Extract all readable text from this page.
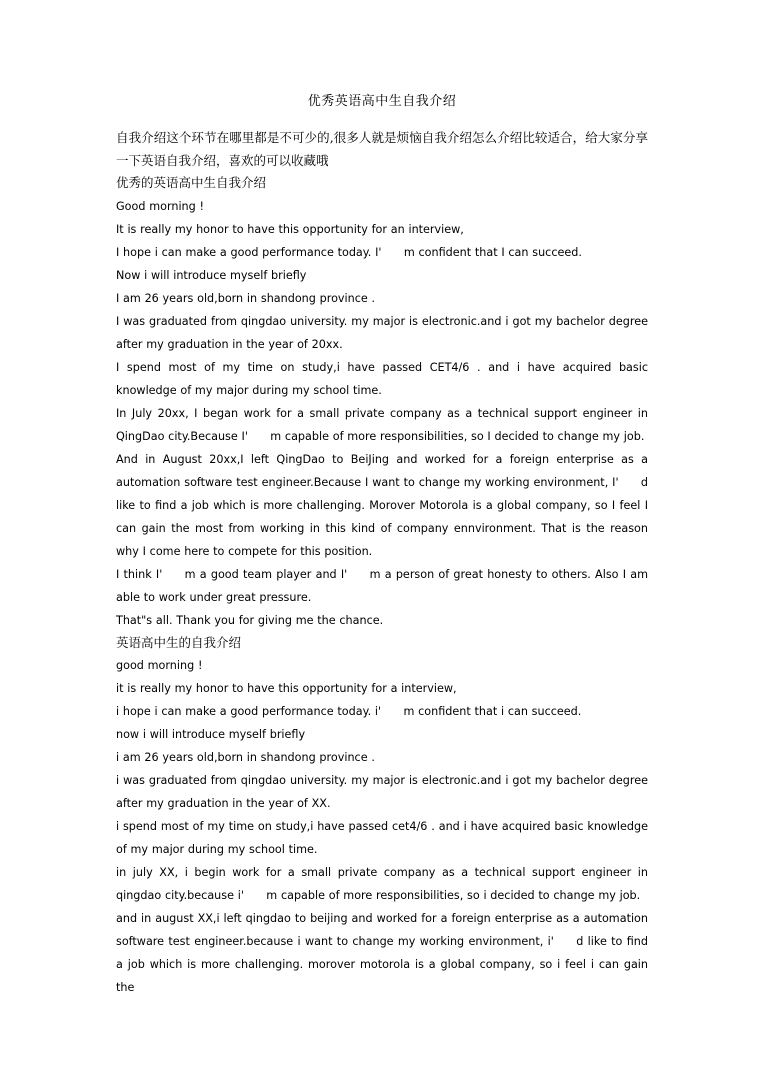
优秀英语高中生自我介绍

自我介绍这个环节在哪里都是不可少的,很多人就是烦恼自我介绍怎么介绍比较适合，给大家分享一下英语自我介绍，喜欢的可以收藏哦

优秀的英语高中生自我介绍

Good morning !

It is really my honor to have this opportunity for an interview,

I hope i can make a good performance today. I'  m confident that I can succeed.

Now i will introduce myself briefly

I am 26 years old,born in shandong province .

I was graduated from qingdao university. my major is electronic.and i got my bachelor degree after my graduation in the year of 20xx.

I spend most of my time on study,i have passed CET4/6 . and i have acquired basic knowledge of my major during my school time.

In July 20xx, I began work for a small private company as a technical support engineer in QingDao city.Because I'  m capable of more responsibilities, so I decided to change my job.

And in August 20xx,I left QingDao to BeiJing and worked for a foreign enterprise as a automation software test engineer.Because I want to change my working environment, I'  d like to find a job which is more challenging. Morover Motorola is a global company, so I feel I can gain the most from working in this kind of company ennvironment. That is the reason why I come here to compete for this position.

I think I'  m a good team player and I'  m a person of great honesty to others. Also I am able to work under great pressure.

That"s all. Thank you for giving me the chance.

英语高中生的自我介绍

good morning !

it is really my honor to have this opportunity for a interview,

i hope i can make a good performance today. i'  m confident that i can succeed.

now i will introduce myself briefly

i am 26 years old,born in shandong province .

i was graduated from qingdao university. my major is electronic.and i got my bachelor degree after my graduation in the year of XX.

i spend most of my time on study,i have passed cet4/6 . and i have acquired basic knowledge of my major during my school time.

in july XX, i begin work for a small private company as a technical support engineer in qingdao city.because i'  m capable of more responsibilities, so i decided to change my job.

and in august XX,i left qingdao to beijing and worked for a foreign enterprise as a automation software test engineer.because i want to change my working environment, i'  d like to find a job which is more challenging. morover motorola is a global company, so i feel i can gain the
